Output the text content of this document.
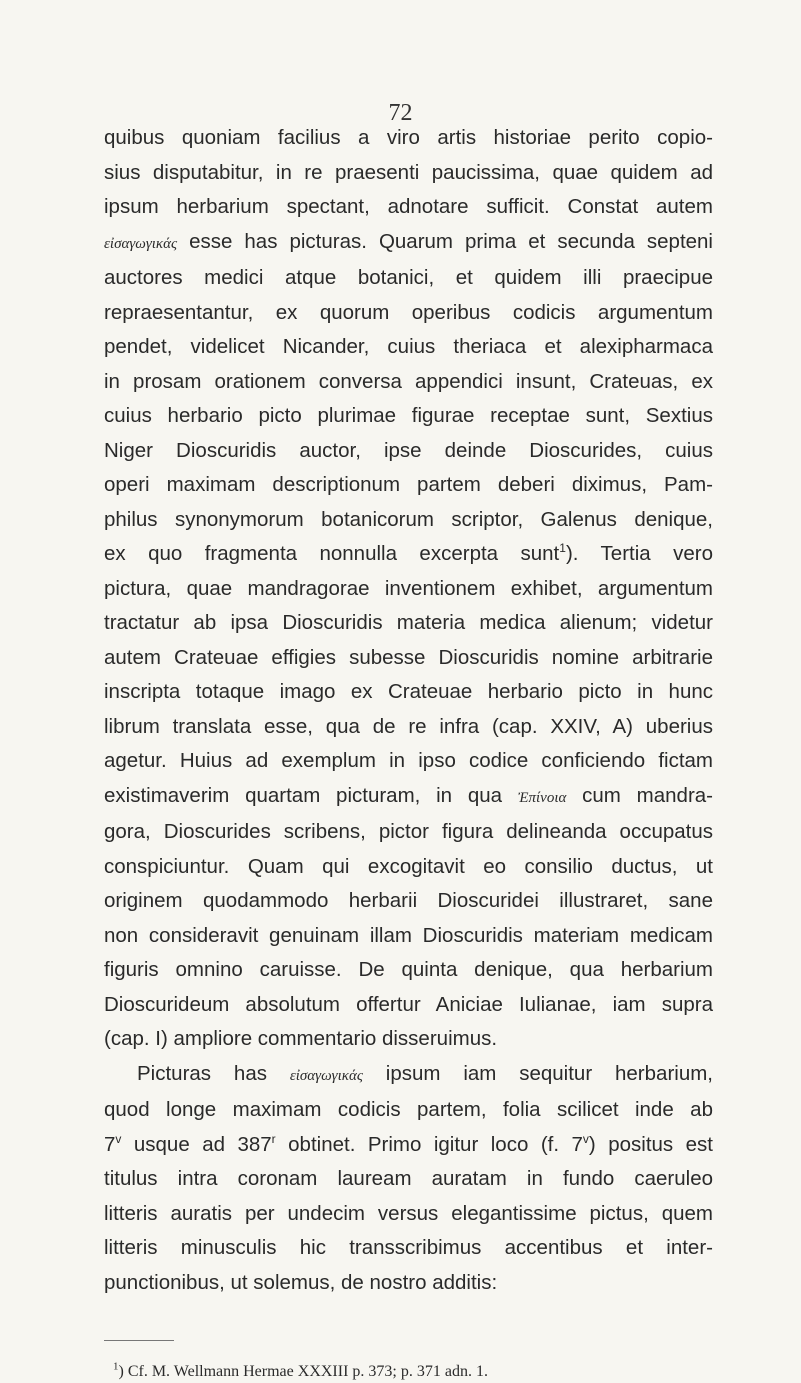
72
quibus quoniam facilius a viro artis historiae perito copio-
sius disputabitur, in re praesenti paucissima, quae quidem ad
ipsum herbarium spectant, adnotare sufficit. Constat autem
εἰσαγωγικάς esse has picturas. Quarum prima et secunda septeni
auctores medici atque botanici, et quidem illi praecipue
repraesentantur, ex quorum operibus codicis argumentum
pendet, videlicet Nicander, cuius theriaca et alexipharmaca
in prosam orationem conversa appendici insunt, Crateuas, ex
cuius herbario picto plurimae figurae receptae sunt, Sextius
Niger Dioscuridis auctor, ipse deinde Dioscurides, cuius
operi maximam descriptionum partem deberi diximus, Pam-
philus synonymorum botanicorum scriptor, Galenus denique,
ex quo fragmenta nonnulla excerpta sunt$^1$). Tertia vero
pictura, quae mandragorae inventionem exhibet, argumentum
tractatur ab ipsa Dioscuridis materia medica alienum; videtur
autem Crateuae effigies subesse Dioscuridis nomine arbitrarie
inscripta totaque imago ex Crateuae herbario picto in hunc
librum translata esse, qua de re infra (cap. XXIV, A) uberius
agetur. Huius ad exemplum in ipso codice conficiendo fictam
existimaverim quartam picturam, in qua Ἐπίνοια cum mandra-
gora, Dioscurides scribens, pictor figura delineanda occupatus
conspiciuntur. Quam qui excogitavit eo consilio ductus, ut
originem quodammodo herbarii Dioscuridei illustraret, sane
non consideravit genuinam illam Dioscuridis materiam medicam
figuris omnino caruisse. De quinta denique, qua herbarium
Dioscurideum absolutum offertur Aniciae Iulianae, iam supra
(cap. I) ampliore commentario disseruimus.
Picturas has εἰσαγωγικάς ipsum iam sequitur herbarium,
quod longe maximam codicis partem, folia scilicet inde ab
7$^v$ usque ad 387$^r$ obtinet. Primo igitur loco (f. 7$^v$) positus est
titulus intra coronam lauream auratam in fundo caeruleo
litteris auratis per undecim versus elegantissime pictus, quem
litteris minusculis hic transscribimus accentibus et inter-
punctionibus, ut solemus, de nostro additis:
$^1$) Cf. M. Wellmann Hermae XXXIII p. 373; p. 371 adn. 1.
